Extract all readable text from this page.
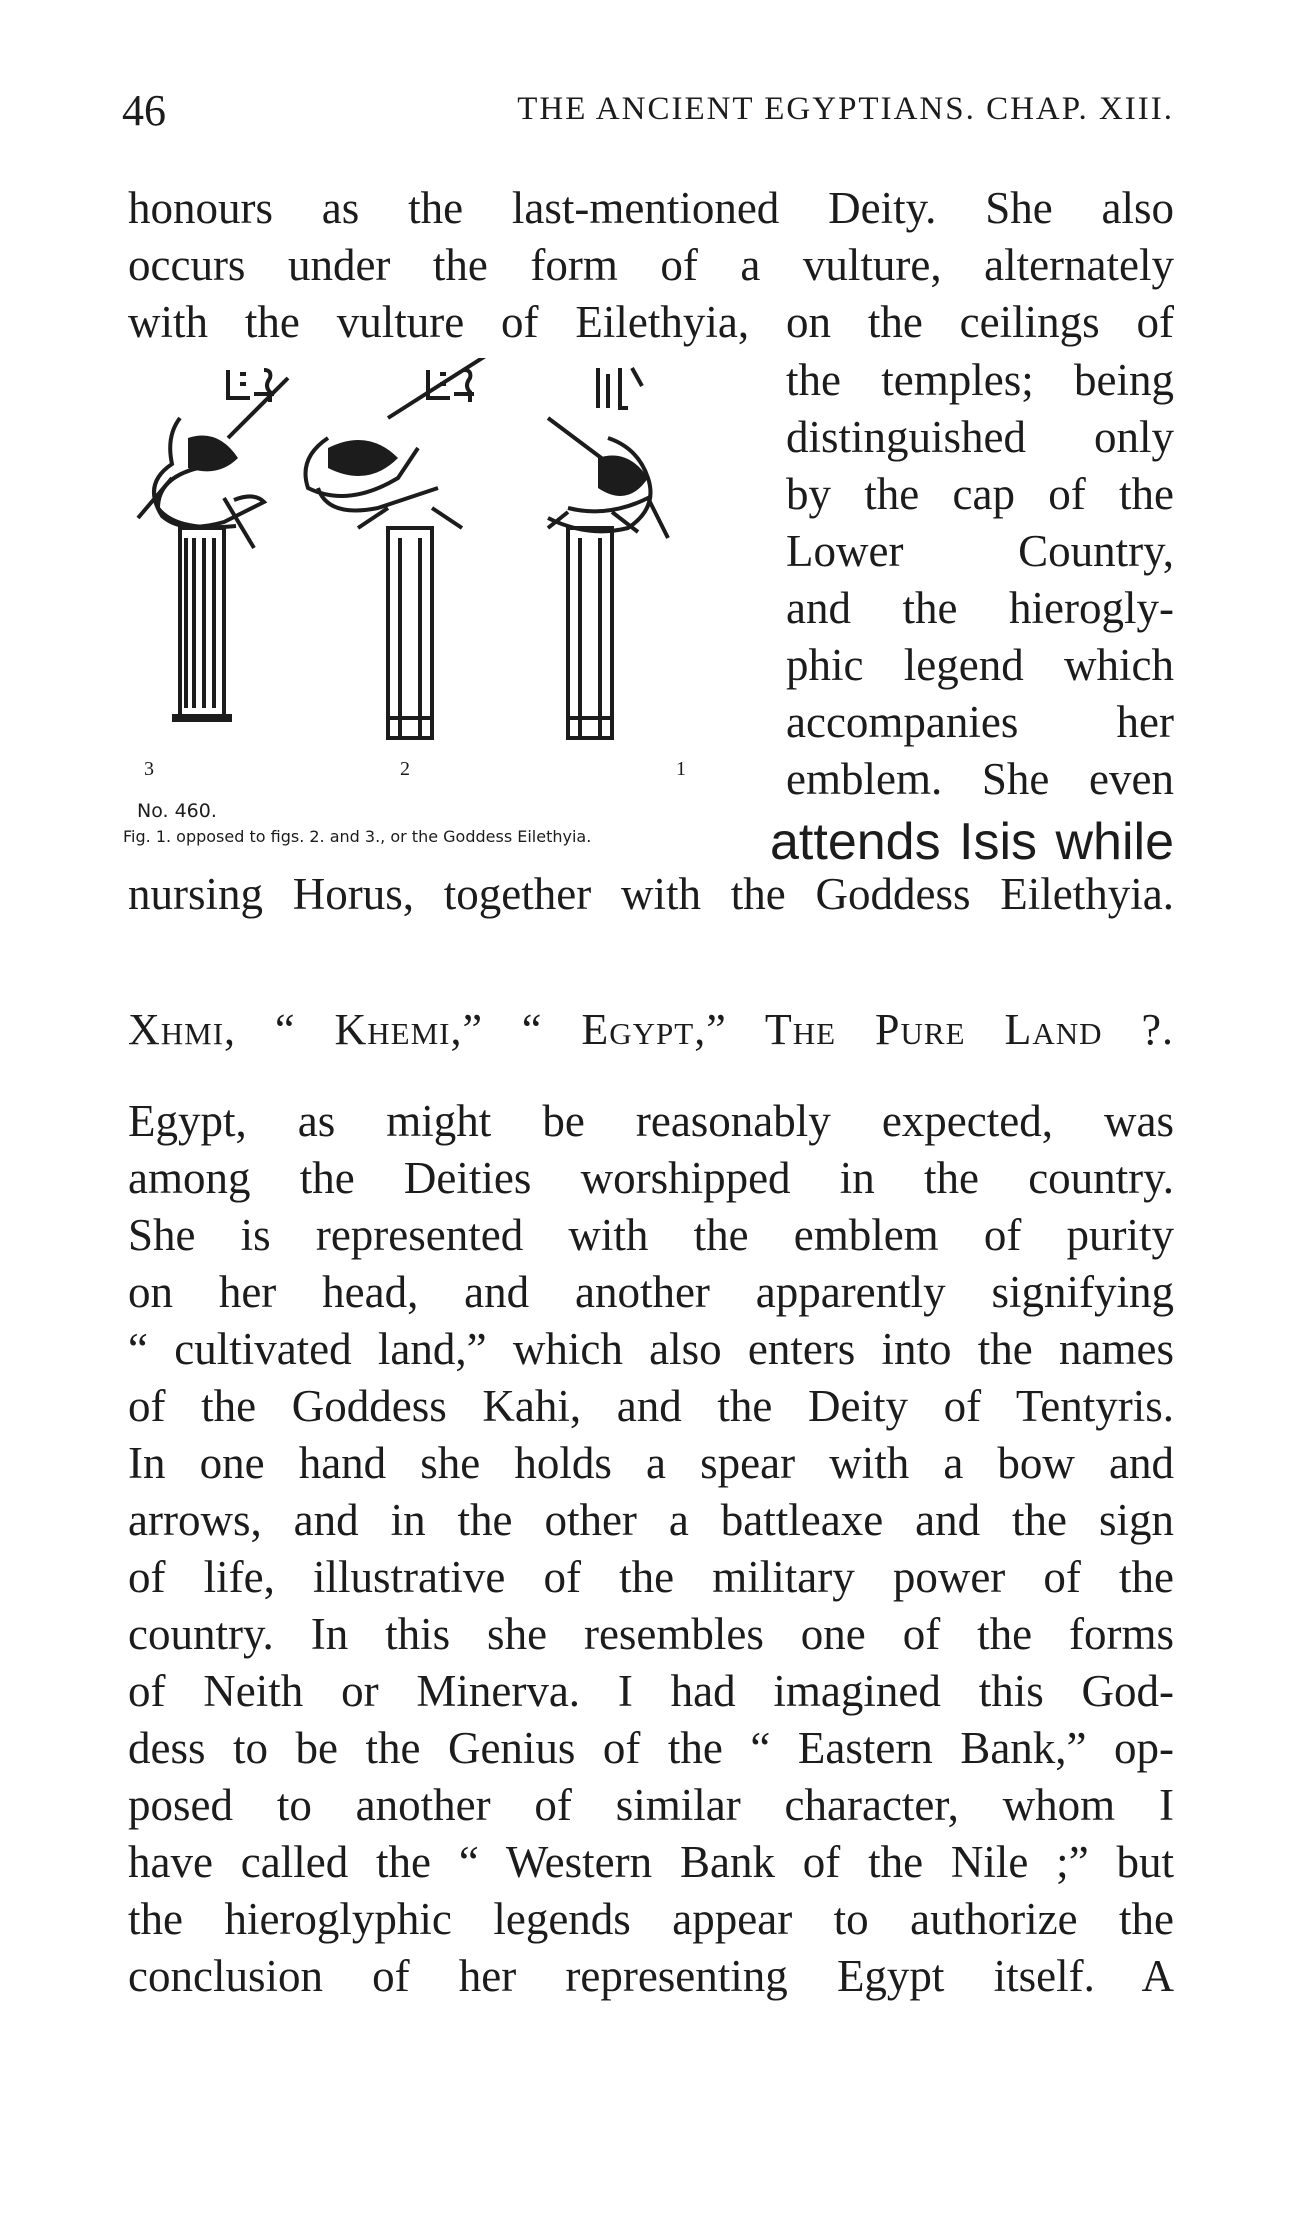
46	THE ANCIENT EGYPTIANS. CHAP. XIII.
honours as the last-mentioned Deity. She also
occurs under the form of a vulture, alternately
with the vulture of Eilethyia, on the ceilings of
3	2	1
the temples; being
distinguished only
by the cap of the
Lower Country,
and the hierogly-
phic legend which
accompanies her
emblem. She even
No. 460.
Fig. 1. opposed to figs. 2. and 3., or the Goddess Eilethyia.	attends Isis while
nursing Horus, together with the Goddess Eilethyia.
Χημι, “ Khemi,” “ Egypt,” The Pure Land ?.
Egypt, as might be reasonably expected, was
among the Deities worshipped in the country.
She is represented with the emblem of purity
on her head, and another apparently signifying
“ cultivated land,” which also enters into the names
of the Goddess Kahi, and the Deity of Tentyris.
In one hand she holds a spear with a bow and
arrows, and in the other a battleaxe and the sign
of life, illustrative of the military power of the
country. In this she resembles one of the forms
of Neith or Minerva. I had imagined this God-
dess to be the Genius of the “ Eastern Bank,” op-
posed to another of similar character, whom I
have called the “ Western Bank of the Nile ;” but
the hieroglyphic legends appear to authorize the
conclusion of her representing Egypt itself. A
